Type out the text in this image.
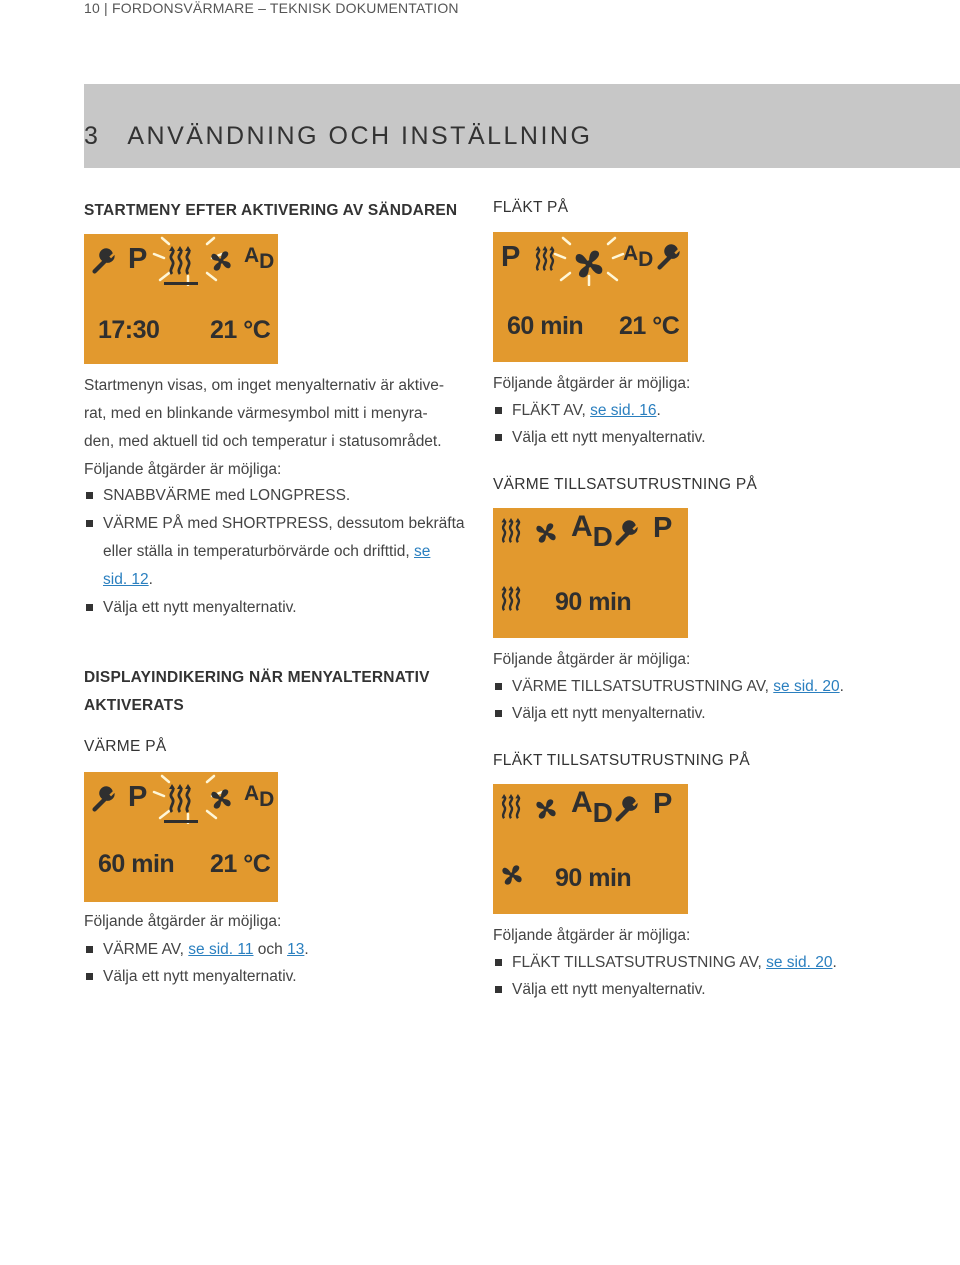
10 | FORDONSVÄRMARE – TEKNISK DOKUMENTATION
3   ANVÄNDNING OCH INSTÄLLNING
STARTMENY EFTER AKTIVERING AV SÄNDAREN
P	$A_D$
17:30 21 °C
Startmenyn visas, om inget menyalternativ är aktive-
rat, med en blinkande värmesymbol mitt i menyra-
den, med aktuell tid och temperatur i statusområdet.
Följande åtgärder är möjliga:
SNABBVÄRME med LONGPRESS.
VÄRME PÅ med SHORTPRESS, dessutom bekräfta
eller ställa in temperaturbörvärde och drifttid, se
sid. 12.
Välja ett nytt menyalternativ.
DISPLAYINDIKERING NÄR MENYALTERNATIV
AKTIVERATS
VÄRME PÅ
P	$A_D$
60 min 21 °C
Följande åtgärder är möjliga:
VÄRME AV, se sid. 11 och 13.
Välja ett nytt menyalternativ.
FLÄKT PÅ
P	$A_D$
60 min 21 °C
Följande åtgärder är möjliga:
FLÄKT AV, se sid. 16.
Välja ett nytt menyalternativ.
VÄRME TILLSATSUTRUSTNING PÅ
$A_D$ P
90 min
Följande åtgärder är möjliga:
VÄRME TILLSATSUTRUSTNING AV, se sid. 20.
Välja ett nytt menyalternativ.
FLÄKT TILLSATSUTRUSTNING PÅ
$A_D$ P
90 min
Följande åtgärder är möjliga:
FLÄKT TILLSATSUTRUSTNING AV, se sid. 20.
Välja ett nytt menyalternativ.
